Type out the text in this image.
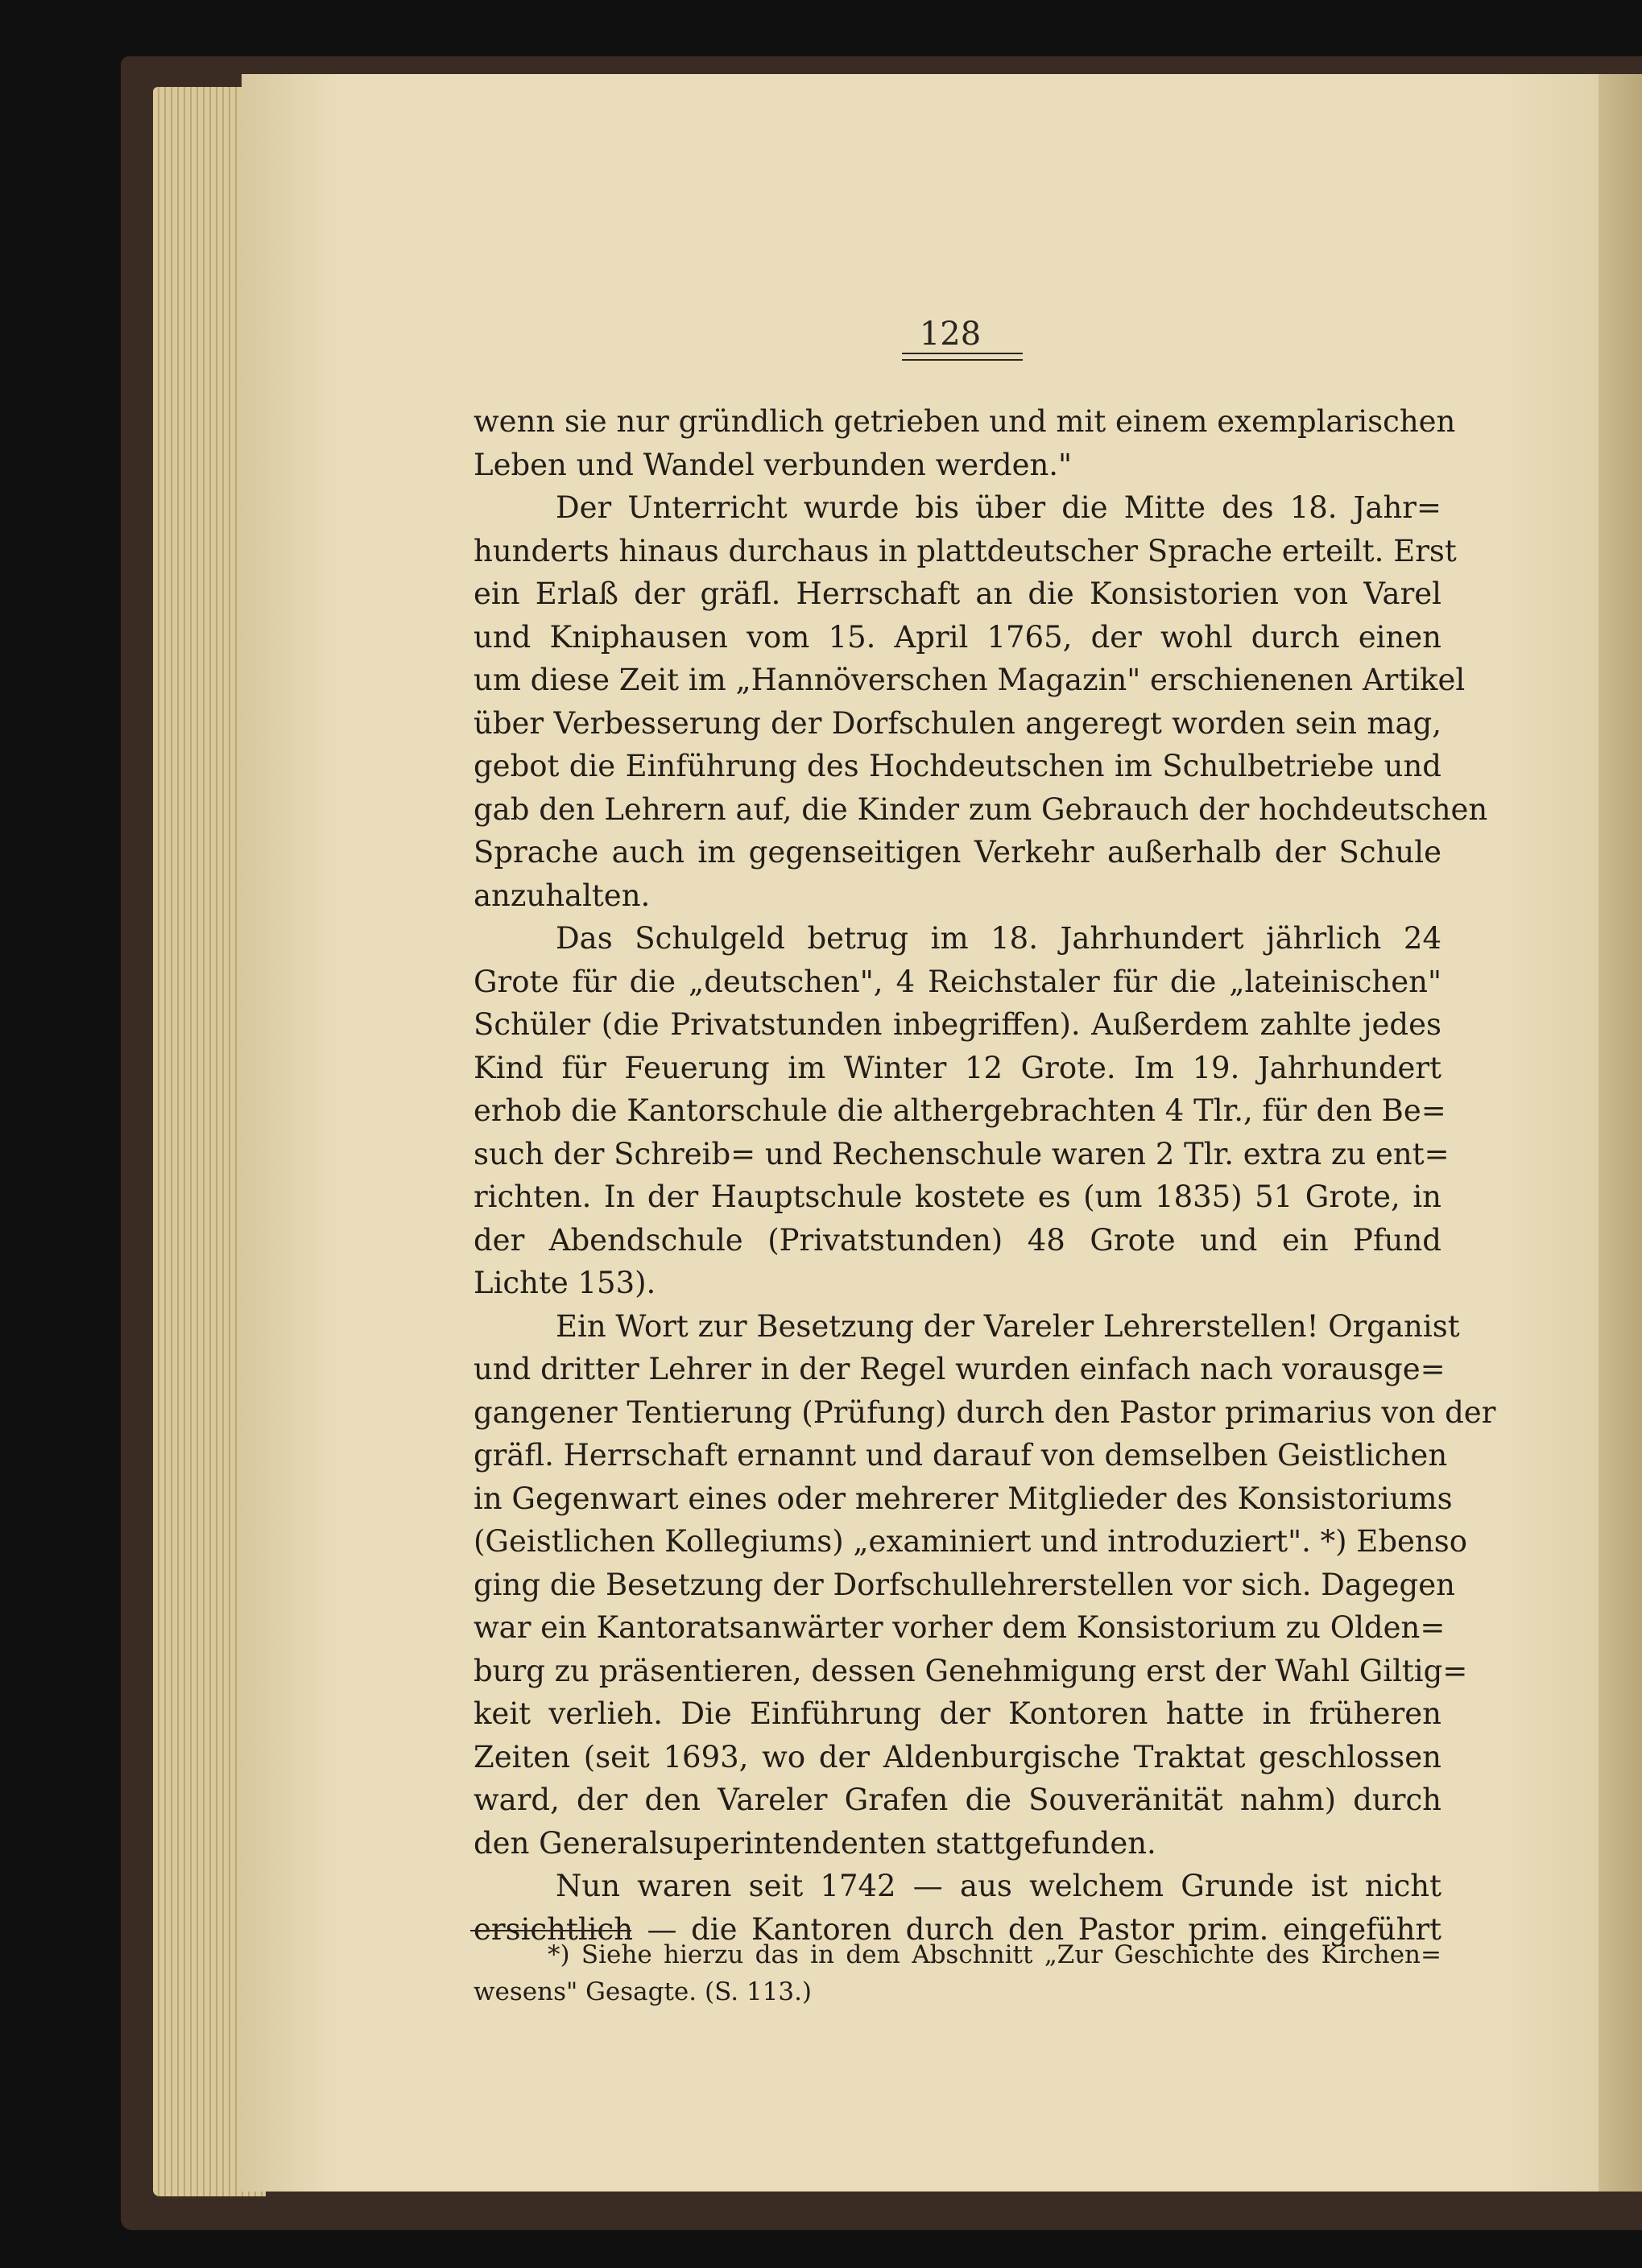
128
wenn sie nur gründlich getrieben und mit einem exemplarischen
Leben und Wandel verbunden werden."
Der Unterricht wurde bis über die Mitte des 18. Jahr=
hunderts hinaus durchaus in plattdeutscher Sprache erteilt. Erst
ein Erlaß der gräfl. Herrschaft an die Konsistorien von Varel
und Kniphausen vom 15. April 1765, der wohl durch einen
um diese Zeit im „Hannöverschen Magazin" erschienenen Artikel
über Verbesserung der Dorfschulen angeregt worden sein mag,
gebot die Einführung des Hochdeutschen im Schulbetriebe und
gab den Lehrern auf, die Kinder zum Gebrauch der hochdeutschen
Sprache auch im gegenseitigen Verkehr außerhalb der Schule
anzuhalten.
Das Schulgeld betrug im 18. Jahrhundert jährlich 24
Grote für die „deutschen", 4 Reichstaler für die „lateinischen"
Schüler (die Privatstunden inbegriffen). Außerdem zahlte jedes
Kind für Feuerung im Winter 12 Grote. Im 19. Jahrhundert
erhob die Kantorschule die althergebrachten 4 Tlr., für den Be=
such der Schreib= und Rechenschule waren 2 Tlr. extra zu ent=
richten. In der Hauptschule kostete es (um 1835) 51 Grote, in
der Abendschule (Privatstunden) 48 Grote und ein Pfund
Lichte 153).
Ein Wort zur Besetzung der Vareler Lehrerstellen! Organist
und dritter Lehrer in der Regel wurden einfach nach vorausge=
gangener Tentierung (Prüfung) durch den Pastor primarius von der
gräfl. Herrschaft ernannt und darauf von demselben Geistlichen
in Gegenwart eines oder mehrerer Mitglieder des Konsistoriums
(Geistlichen Kollegiums) „examiniert und introduziert". *) Ebenso
ging die Besetzung der Dorfschullehrerstellen vor sich. Dagegen
war ein Kantoratsanwärter vorher dem Konsistorium zu Olden=
burg zu präsentieren, dessen Genehmigung erst der Wahl Giltig=
keit verlieh. Die Einführung der Kontoren hatte in früheren
Zeiten (seit 1693, wo der Aldenburgische Traktat geschlossen
ward, der den Vareler Grafen die Souveränität nahm) durch
den Generalsuperintendenten stattgefunden.
Nun waren seit 1742 — aus welchem Grunde ist nicht
ersichtlich — die Kantoren durch den Pastor prim. eingeführt
*) Siehe hierzu das in dem Abschnitt „Zur Geschichte des Kirchen=
wesens" Gesagte. (S. 113.)
